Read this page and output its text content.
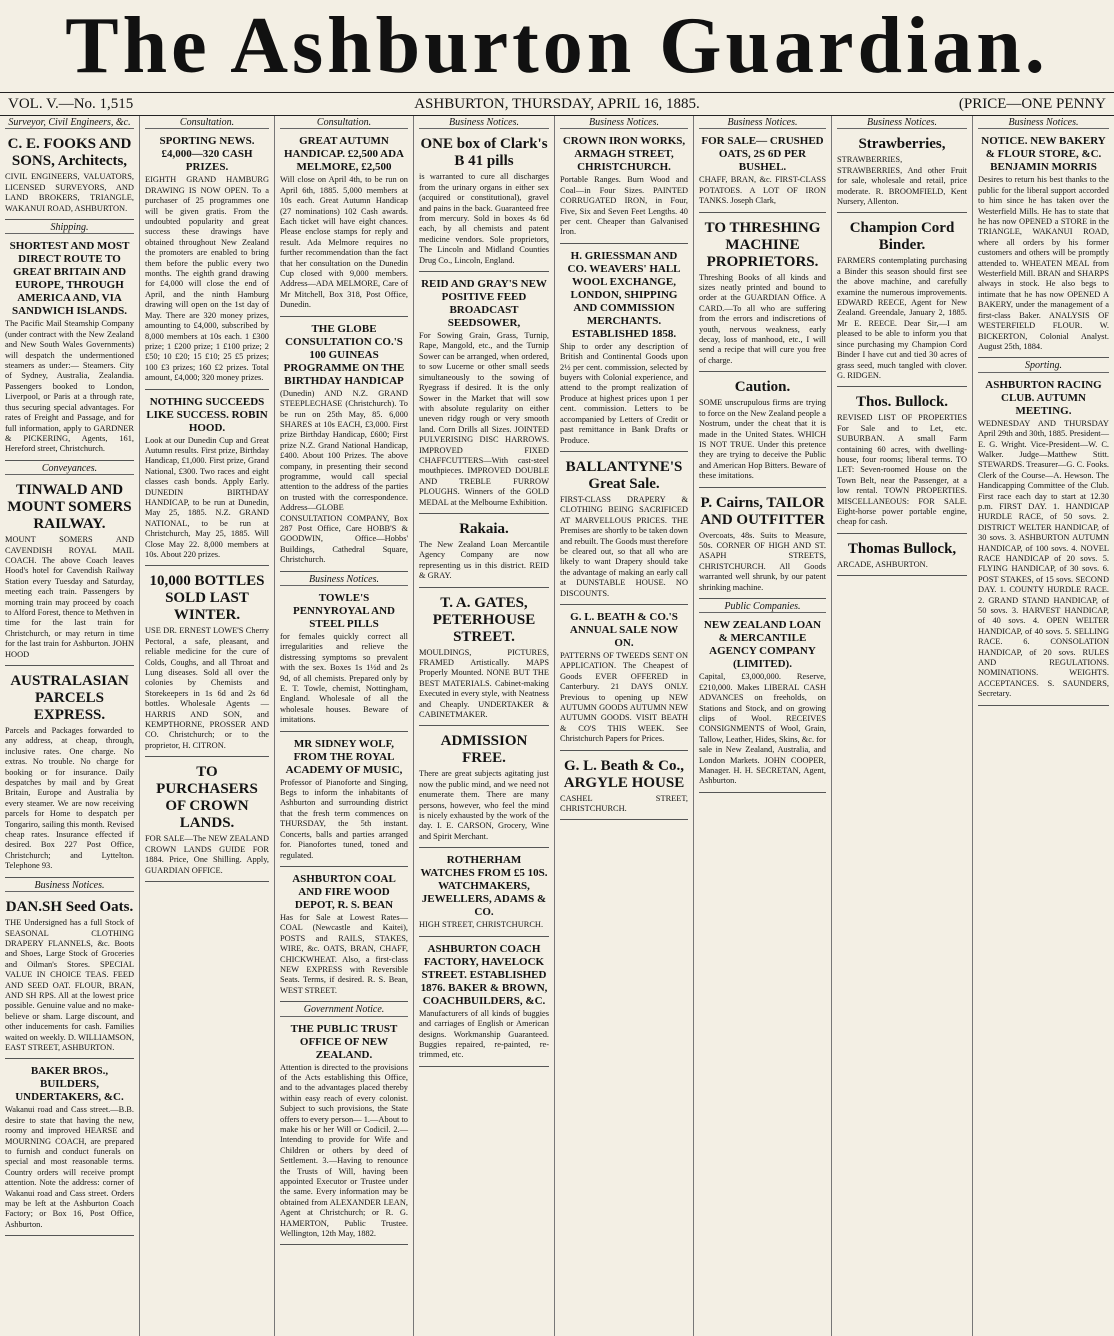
The Ashburton Guardian.
VOL. V.—No. 1,515	ASHBURTON, THURSDAY, APRIL 16, 1885.	(PRICE—ONE PENNY
Surveyor, Civil Engineers, &c.
C. E. FOOKS AND SONS, Architects,

CIVIL ENGINEERS, VALUATORS, LICENSED SURVEYORS, AND LAND BROKERS, TRIANGLE, WAKANUI ROAD, ASHBURTON.

Shipping.
SHORTEST AND MOST DIRECT ROUTE TO GREAT BRITAIN AND EUROPE, THROUGH AMERICA AND, VIA SANDWICH ISLANDS.

The Pacific Mail Steamship Company (under contract with the New Zealand and New South Wales Governments) will despatch the undermentioned steamers as under:— Steamers. City of Sydney, Australia, Zealandia. Passengers booked to London, Liverpool, or Paris at a through rate, thus securing special advantages. For rates of Freight and Passage, and for full information, apply to GARDNER & PICKERING, Agents, 161, Hereford street, Christchurch.

Conveyances.
TINWALD AND MOUNT SOMERS RAILWAY.

MOUNT SOMERS AND CAVENDISH ROYAL MAIL COACH. The above Coach leaves Hood's hotel for Cavendish Railway Station every Tuesday and Saturday, meeting each train. Passengers by morning train may proceed by coach to Alford Forest, thence to Methven in time for the last train for Christchurch, or may return in time for the last train for Ashburton. JOHN HOOD

AUSTRALASIAN PARCELS EXPRESS.

Parcels and Packages forwarded to any address, at cheap, through, inclusive rates. One charge. No extras. No trouble. No charge for booking or for insurance. Daily despatches by mail and by Great Britain, Europe and Australia by every steamer. We are now receiving parcels for Home to despatch per Tongariro, sailing this month. Revised cheap rates. Insurance effected if desired. Box 227 Post Office, Christchurch; and Lyttelton. Telephone 93.

Business Notices.
DAN.SH Seed Oats.

THE Undersigned has a full Stock of SEASONAL CLOTHING DRAPERY FLANNELS, &c. Boots and Shoes, Large Stock of Groceries and Oilman's Stores. SPECIAL VALUE IN CHOICE TEAS. FEED AND SEED OAT. FLOUR, BRAN, AND SH RPS. All at the lowest price possible. Genuine value and no make-believe or sham. Large discount, and other inducements for cash. Families waited on weekly. D. WILLIAMSON, EAST STREET, ASHBURTON.

BAKER BROS., BUILDERS, UNDERTAKERS, &C.

Wakanui road and Cass street.—B.B. desire to state that having the new, roomy and improved HEARSE and MOURNING COACH, are prepared to furnish and conduct funerals on special and most reasonable terms. Country orders will receive prompt attention. Note the address: corner of Wakanui road and Cass street. Orders may be left at the Ashburton Coach Factory; or Box 16, Post Office, Ashburton.

Consultation.
SPORTING NEWS. £4,000—320 CASH PRIZES.

EIGHTH GRAND HAMBURG DRAWING IS NOW OPEN. To a purchaser of 25 programmes one will be given gratis. From the undoubted popularity and great success these drawings have obtained throughout New Zealand the promoters are enabled to bring them before the public every two months. The eighth grand drawing for £4,000 will close the end of April, and the ninth Hamburg drawing will open on the 1st day of May. There are 320 money prizes, amounting to £4,000, subscribed by 8,000 members at 10s each. 1 £300 prize; 1 £200 prize; 1 £100 prize; 2 £50; 10 £20; 15 £10; 25 £5 prizes; 100 £3 prizes; 160 £2 prizes. Total amount, £4,000; 320 money prizes.

NOTHING SUCCEEDS LIKE SUCCESS. ROBIN HOOD.

Look at our Dunedin Cup and Great Autumn results. First prize, Birthday Handicap, £1,000. First prize, Grand National, £300. Two races and eight classes cash bonds. Apply Early. DUNEDIN BIRTHDAY HANDICAP, to be run at Dunedin, May 25, 1885. N.Z. GRAND NATIONAL, to be run at Christchurch, May 25, 1885. Will Close May 22. 8,000 members at 10s. About 220 prizes.

10,000 BOTTLES SOLD LAST WINTER.

USE DR. ERNEST LOWE'S Cherry Pectoral, a safe, pleasant, and reliable medicine for the cure of Colds, Coughs, and all Throat and Lung diseases. Sold all over the colonies by Chemists and Storekeepers in 1s 6d and 2s 6d bottles. Wholesale Agents — HARRIS AND SON, and KEMPTHORNE, PROSSER AND CO. Christchurch; or to the proprietor, H. CITRON.

TO PURCHASERS OF CROWN LANDS.

FOR SALE—The NEW ZEALAND CROWN LANDS GUIDE FOR 1884. Price, One Shilling. Apply, GUARDIAN OFFICE.

Consultation.
GREAT AUTUMN HANDICAP. £2,500 ADA MELMORE, £2,500

Will close on April 4th, to be run on April 6th, 1885. 5,000 members at 10s each. Great Autumn Handicap (27 nominations) 102 Cash awards. Each ticket will have eight chances. Please enclose stamps for reply and result. Ada Melmore requires no further recommendation than the fact that her consultation on the Dunedin Cup closed with 9,000 members. Address—ADA MELMORE, Care of Mr Mitchell, Box 318, Post Office, Dunedin.

THE GLOBE CONSULTATION CO.'S 100 GUINEAS PROGRAMME ON THE BIRTHDAY HANDICAP

(Dunedin) AND N.Z. GRAND STEEPLECHASE (Christchurch). To be run on 25th May, 85. 6,000 SHARES at 10s EACH, £3,000. First prize Birthday Handicap, £600; First prize N.Z. Grand National Handicap, £400. About 100 Prizes. The above company, in presenting their second programme, would call special attention to the address of the parties on trusted with the correspondence. Address—GLOBE CONSULTATION COMPANY, Box 287 Post Office, Care HOBB'S & GOODWIN, Office—Hobbs' Buildings, Cathedral Square, Christchurch.

Business Notices.
TOWLE'S PENNYROYAL AND STEEL PILLS

for females quickly correct all irregularities and relieve the distressing symptoms so prevalent with the sex. Boxes 1s 1½d and 2s 9d, of all chemists. Prepared only by E. T. Towle, chemist, Nottingham, England. Wholesale of all the wholesale houses. Beware of imitations.

MR SIDNEY WOLF, FROM THE ROYAL ACADEMY OF MUSIC,

Professor of Pianoforte and Singing, Begs to inform the inhabitants of Ashburton and surrounding district that the fresh term commences on THURSDAY, the 5th instant. Concerts, balls and parties arranged for. Pianofortes tuned, toned and regulated.

ASHBURTON COAL AND FIRE WOOD DEPOT, R. S. BEAN

Has for Sale at Lowest Rates— COAL (Newcastle and Kaitei), POSTS and RAILS, STAKES, WIRE, &c. OATS, BRAN, CHAFF, CHICKWHEAT. Also, a first-class NEW EXPRESS with Reversible Seats. Terms, if desired. R. S. Bean, WEST STREET.

Government Notice.
THE PUBLIC TRUST OFFICE OF NEW ZEALAND.

Attention is directed to the provisions of the Acts establishing this Office, and to the advantages placed thereby within easy reach of every colonist. Subject to such provisions, the State offers to every person— 1.—About to make his or her Will or Codicil. 2.—Intending to provide for Wife and Children or others by deed of Settlement. 3.—Having to renounce the Trusts of Will, having been appointed Executor or Trustee under the same. Every information may be obtained from ALEXANDER LEAN, Agent at Christchurch; or R. G. HAMERTON, Public Trustee. Wellington, 12th May, 1882.

Business Notices.
ONE box of Clark's B 41 pills

is warranted to cure all discharges from the urinary organs in either sex (acquired or constitutional), gravel and pains in the back. Guaranteed free from mercury. Sold in boxes 4s 6d each, by all chemists and patent medicine vendors. Sole proprietors, The Lincoln and Midland Counties Drug Co., Lincoln, England.

REID AND GRAY'S NEW POSITIVE FEED BROADCAST SEEDSOWER,

For Sowing Grain, Grass, Turnip, Rape, Mangold, etc., and the Turnip Sower can be arranged, when ordered, to sow Lucerne or other small seeds simultaneously to the sowing of Ryegrass if desired. It is the only Sower in the Market that will sow with absolute regularity on either uneven ridgy rough or very smooth land. Corn Drills all Sizes. JOINTED PULVERISING DISC HARROWS. IMPROVED FIXED CHAFFCUTTERS—With cast-steel mouthpieces. IMPROVED DOUBLE AND TREBLE FURROW PLOUGHS. Winners of the GOLD MEDAL at the Melbourne Exhibition.

Rakaia.

The New Zealand Loan Mercantile Agency Company are now representing us in this district. REID & GRAY.

T. A. GATES, PETERHOUSE STREET.

MOULDINGS, PICTURES, FRAMED Artistically. MAPS Properly Mounted. NONE BUT THE BEST MATERIALS. Cabinet-making Executed in every style, with Neatness and Cheaply. UNDERTAKER & CABINETMAKER.

ADMISSION FREE.

There are great subjects agitating just now the public mind, and we need not enumerate them. There are many persons, however, who feel the mind is nicely exhausted by the work of the day. I. E. CARSON, Grocery, Wine and Spirit Merchant.

ROTHERHAM WATCHES FROM £5 10S. WATCHMAKERS, JEWELLERS, ADAMS & CO.

HIGH STREET, CHRISTCHURCH.

ASHBURTON COACH FACTORY, HAVELOCK STREET. ESTABLISHED 1876. BAKER & BROWN, COACHBUILDERS, &C.

Manufacturers of all kinds of buggies and carriages of English or American designs. Workmanship Guaranteed. Buggies repaired, re-painted, re-trimmed, etc.

Business Notices.
CROWN IRON WORKS, ARMAGH STREET, CHRISTCHURCH.

Portable Ranges. Burn Wood and Coal—in Four Sizes. PAINTED CORRUGATED IRON, in Four, Five, Six and Seven Feet Lengths. 40 per cent. Cheaper than Galvanised Iron.

H. GRIESSMAN AND CO. WEAVERS' HALL WOOL EXCHANGE, LONDON, SHIPPING AND COMMISSION MERCHANTS. ESTABLISHED 1858.

Ship to order any description of British and Continental Goods upon 2½ per cent. commission, selected by buyers with Colonial experience, and attend to the prompt realization of Produce at highest prices upon 1 per cent. commission. Letters to be accompanied by Letters of Credit or past remittance in Bank Drafts or Produce.

BALLANTYNE'S Great Sale.

FIRST-CLASS DRAPERY & CLOTHING BEING SACRIFICED AT MARVELLOUS PRICES. THE Premises are shortly to be taken down and rebuilt. The Goods must therefore be cleared out, so that all who are likely to want Drapery should take the advantage of making an early call at DUNSTABLE HOUSE. NO DISCOUNTS.

G. L. BEATH & CO.'S ANNUAL SALE NOW ON.

PATTERNS OF TWEEDS SENT ON APPLICATION. The Cheapest of Goods EVER OFFERED in Canterbury. 21 DAYS ONLY. Previous to opening up NEW AUTUMN GOODS AUTUMN NEW AUTUMN GOODS. VISIT BEATH & CO'S THIS WEEK. See Christchurch Papers for Prices.

G. L. Beath & Co., ARGYLE HOUSE

CASHEL STREET, CHRISTCHURCH.

Business Notices.
FOR SALE— CRUSHED OATS, 2S 6D PER BUSHEL.

CHAFF, BRAN, &c. FIRST-CLASS POTATOES. A LOT OF IRON TANKS. Joseph Clark,

TO THRESHING MACHINE PROPRIETORS.

Threshing Books of all kinds and sizes neatly printed and bound to order at the GUARDIAN Office. A CARD.—To all who are suffering from the errors and indiscretions of youth, nervous weakness, early decay, loss of manhood, etc., I will send a recipe that will cure you free of charge.

Caution.

SOME unscrupulous firms are trying to force on the New Zealand people a Nostrum, under the cheat that it is made in the United States. WHICH IS NOT TRUE. Under this pretence they are trying to deceive the Public and American Hop Bitters. Beware of these imitations.

P. Cairns, TAILOR AND OUTFITTER

Overcoats, 48s. Suits to Measure, 50s. CORNER OF HIGH AND ST. ASAPH STREETS, CHRISTCHURCH. All Goods warranted well shrunk, by our patent shrinking machine.

Public Companies.
NEW ZEALAND LOAN & MERCANTILE AGENCY COMPANY (LIMITED).

Capital, £3,000,000. Reserve, £210,000. Makes LIBERAL CASH ADVANCES on freeholds, on Stations and Stock, and on growing clips of Wool. RECEIVES CONSIGNMENTS of Wool, Grain, Tallow, Leather, Hides, Skins, &c. for sale in New Zealand, Australia, and London Markets. JOHN COOPER, Manager. H. H. SECRETAN, Agent, Ashburton.

Business Notices.
Strawberries,

STRAWBERRIES, STRAWBERRIES, And other Fruit for sale, wholesale and retail, price moderate. R. BROOMFIELD, Kent Nursery, Allenton.

Champion Cord Binder.

FARMERS contemplating purchasing a Binder this season should first see the above machine, and carefully examine the numerous improvements. EDWARD REECE, Agent for New Zealand. Greendale, January 2, 1885. Mr E. REECE. Dear Sir,—I am pleased to be able to inform you that since purchasing my Champion Cord Binder I have cut and tied 30 acres of grass seed, much tangled with clover. G. RIDGEN.

Thos. Bullock.

REVISED LIST OF PROPERTIES For Sale and to Let, etc. SUBURBAN. A small Farm containing 60 acres, with dwelling-house, four rooms; liberal terms. TO LET: Seven-roomed House on the Town Belt, near the Passenger, at a low rental. TOWN PROPERTIES. MISCELLANEOUS: FOR SALE. Eight-horse power portable engine, cheap for cash.

Thomas Bullock,

ARCADE, ASHBURTON.

Business Notices.
NOTICE. NEW BAKERY & FLOUR STORE, &C. BENJAMIN MORRIS

Desires to return his best thanks to the public for the liberal support accorded to him since he has taken over the Westerfield Mills. He has to state that he has now OPENED a STORE in the TRIANGLE, WAKANUI ROAD, where all orders by his former customers and others will be promptly attended to. WHEATEN MEAL from Westerfield Mill. BRAN and SHARPS always in stock. He also begs to intimate that he has now OPENED A BAKERY, under the management of a first-class Baker. ANALYSIS OF WESTERFIELD FLOUR. W. BICKERTON, Colonial Analyst. August 25th, 1884.

Sporting.
ASHBURTON RACING CLUB. AUTUMN MEETING.

WEDNESDAY AND THURSDAY April 29th and 30th, 1885. President—E. G. Wright. Vice-President—W. C. Walker. Judge—Matthew Stitt. STEWARDS. Treasurer—G. C. Fooks. Clerk of the Course—A. Hewson. The Handicapping Committee of the Club. First race each day to start at 12.30 p.m. FIRST DAY. 1. HANDICAP HURDLE RACE, of 50 sovs. 2. DISTRICT WELTER HANDICAP, of 30 sovs. 3. ASHBURTON AUTUMN HANDICAP, of 100 sovs. 4. NOVEL RACE HANDICAP of 20 sovs. 5. FLYING HANDICAP, of 30 sovs. 6. POST STAKES, of 15 sovs. SECOND DAY. 1. COUNTY HURDLE RACE. 2. GRAND STAND HANDICAP, of 50 sovs. 3. HARVEST HANDICAP, of 40 sovs. 4. OPEN WELTER HANDICAP, of 40 sovs. 5. SELLING RACE. 6. CONSOLATION HANDICAP, of 20 sovs. RULES AND REGULATIONS. NOMINATIONS. WEIGHTS. ACCEPTANCES. S. SAUNDERS, Secretary.
